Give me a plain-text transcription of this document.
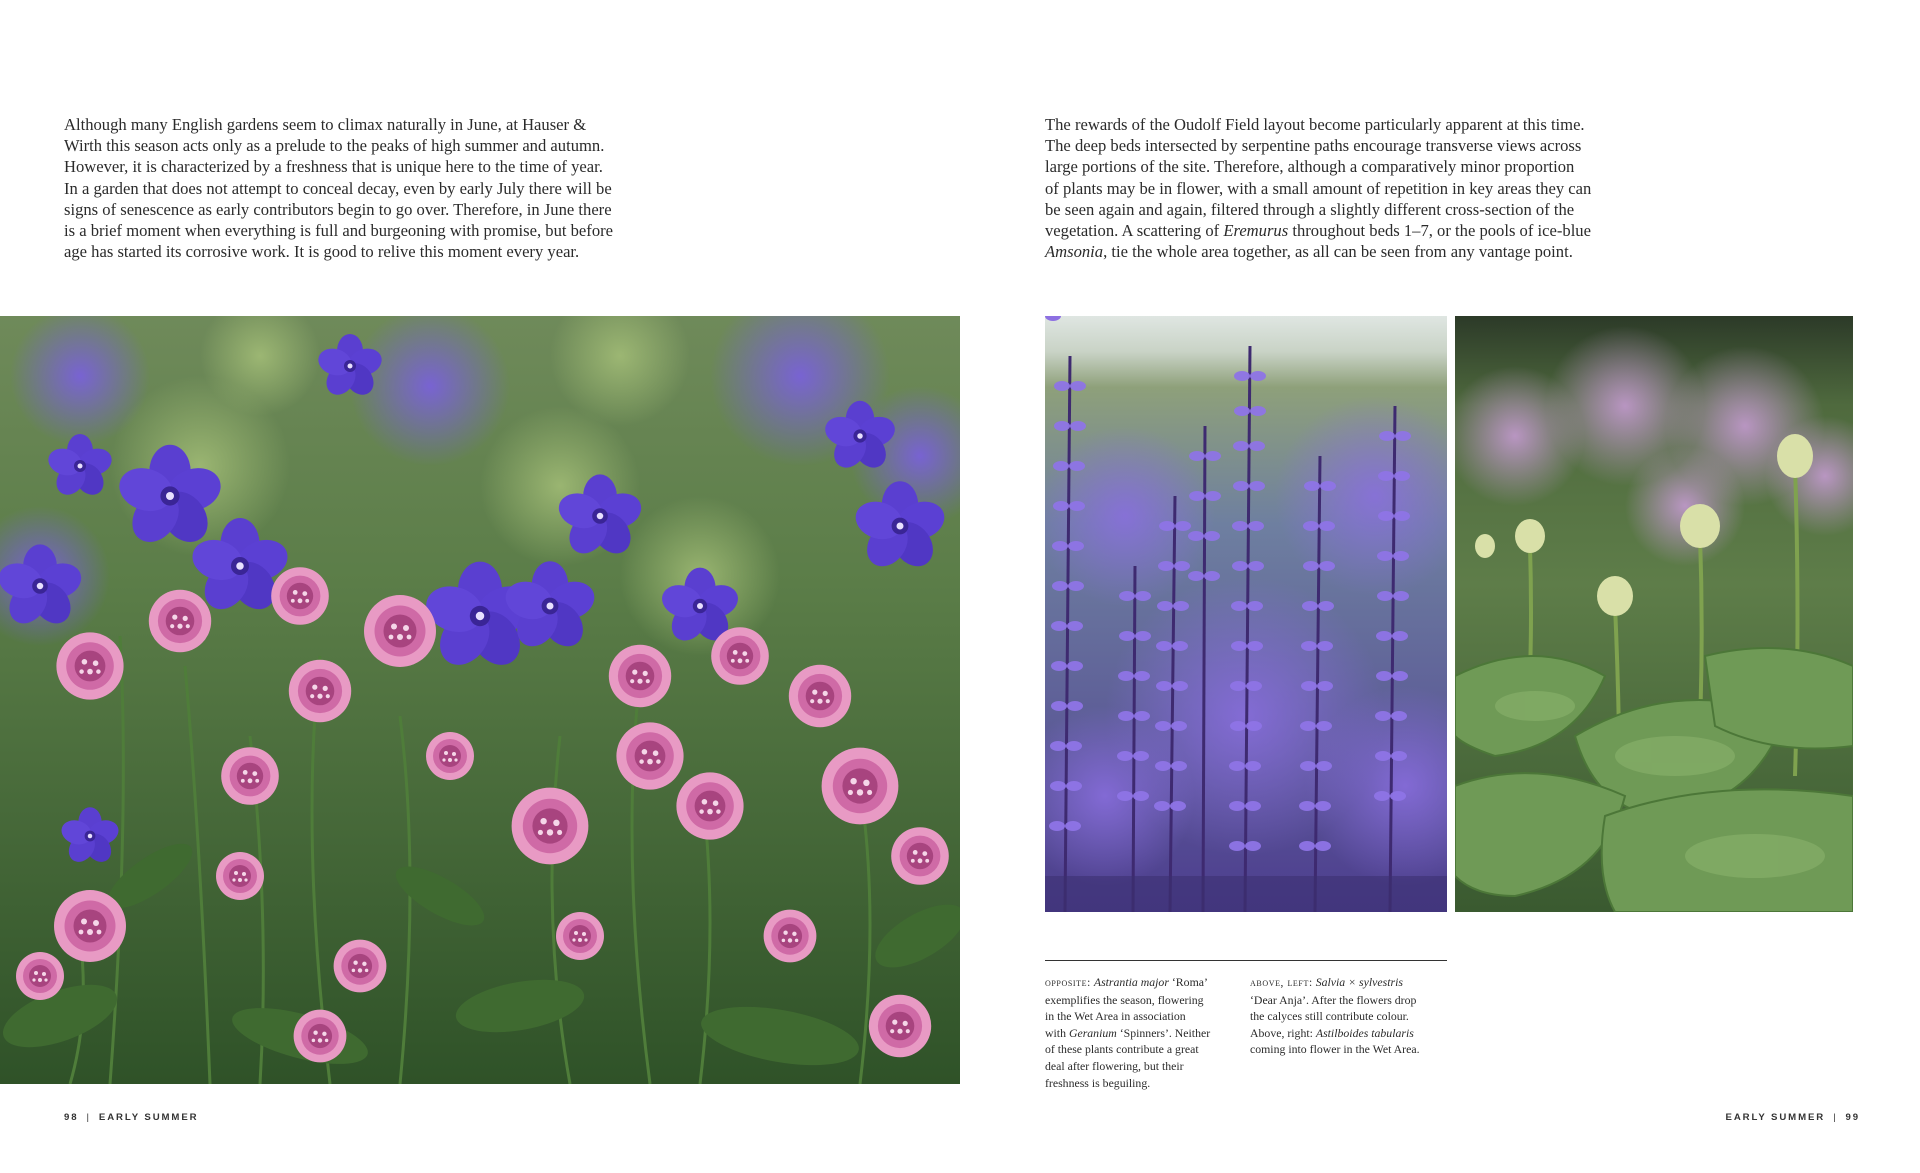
Although many English gardens seem to climax naturally in June, at Hauser &
Wirth this season acts only as a prelude to the peaks of high summer and autumn.
However, it is characterized by a freshness that is unique here to the time of year.
In a garden that does not attempt to conceal decay, even by early July there will be
signs of senescence as early contributors begin to go over. Therefore, in June there
is a brief moment when everything is full and burgeoning with promise, but before
age has started its corrosive work. It is good to relive this moment every year.

The rewards of the Oudolf Field layout become particularly apparent at this time.
The deep beds intersected by serpentine paths encourage transverse views across
large portions of the site. Therefore, although a comparatively minor proportion
of plants may be in flower, with a small amount of repetition in key areas they can
be seen again and again, filtered through a slightly different cross-section of the
vegetation. A scattering of Eremurus throughout beds 1–7, or the pools of ice-blue
Amsonia, tie the whole area together, as all can be seen from any vantage point.

opposite: Astrantia major ‘Roma’
exemplifies the season, flowering
in the Wet Area in association
with Geranium ‘Spinners’. Neither
of these plants contribute a great
deal after flowering, but their
freshness is beguiling.
above, left: Salvia × sylvestris
‘Dear Anja’. After the flowers drop
the calyces still contribute colour.
Above, right: Astilboides tabularis
coming into flower in the Wet Area.
98 | EARLY SUMMER	EARLY SUMMER | 99
